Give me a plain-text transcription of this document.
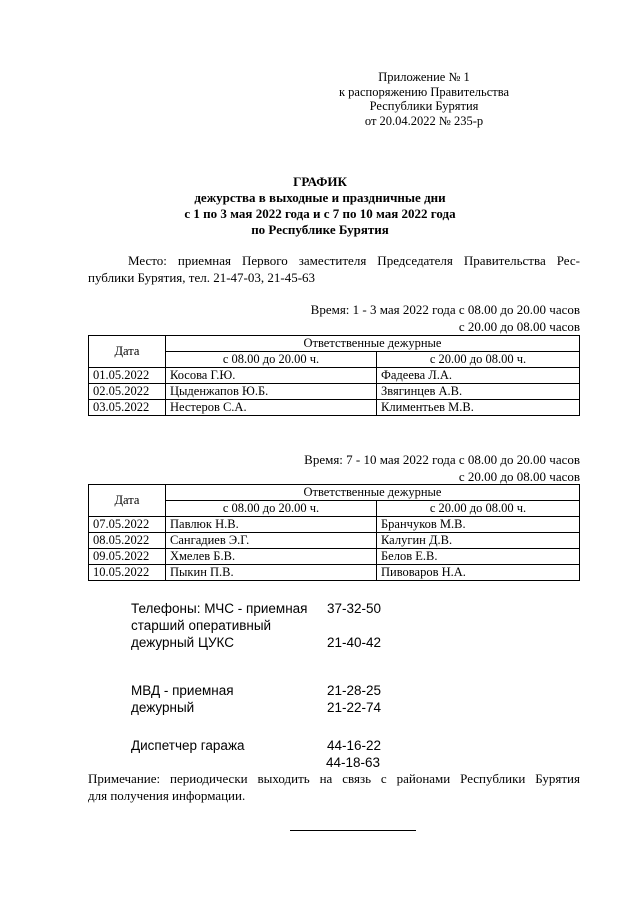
Приложение № 1
к распоряжению Правительства
Республики Бурятия
от 20.04.2022 № 235-р
ГРАФИК
дежурства в выходные и праздничные дни
с 1 по 3 мая 2022 года и с 7 по 10 мая 2022 года
по Республике Бурятия
Место: приемная Первого заместителя Председателя Правительства Рес-
публики Бурятия, тел. 21-47-03, 21-45-63
Время: 1 - 3 мая 2022 года с 08.00 до 20.00 часов
с 20.00 до 08.00 часов
Дата	Ответственные дежурные	
	с 08.00 до 20.00 ч.	с 20.00 до 08.00 ч.
01.05.2022	Косова Г.Ю.	Фадеева Л.А.
02.05.2022	Цыденжапов Ю.Б.	Звягинцев А.В.
03.05.2022	Нестеров С.А.	Климентьев М.В.
Время: 7 - 10 мая 2022 года с 08.00 до 20.00 часов
с 20.00 до 08.00 часов
Дата	Ответственные дежурные	
	с 08.00 до 20.00 ч.	с 20.00 до 08.00 ч.
07.05.2022	Павлюк Н.В.	Бранчуков М.В.
08.05.2022	Сангадиев Э.Г.	Калугин Д.В.
09.05.2022	Хмелев Б.В.	Белов Е.В.
10.05.2022	Пыкин П.В.	Пивоваров Н.А.
Телефоны: МЧС - приемная 37-32-50
старший оперативный
дежурный ЦУКС	21-40-42
МВД - приемная	21-28-25
дежурный	21-22-74
Диспетчер гаража	44-16-22
44-18-63
Примечание: периодически выходить на связь с районами Республики Бурятия
для получения информации.
